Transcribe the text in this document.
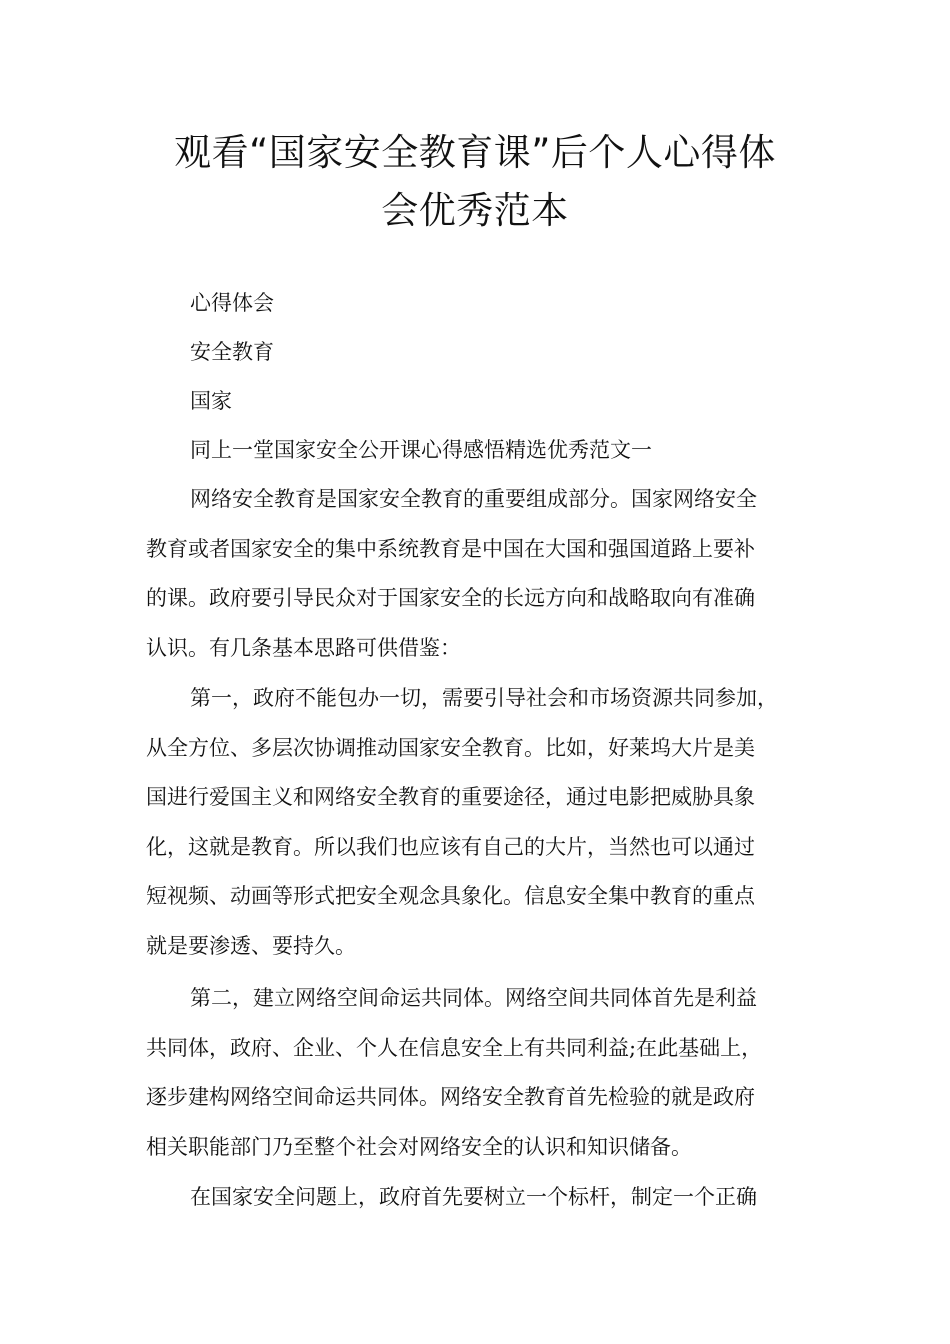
观看“国家安全教育课”后个人心得体
会优秀范本

心得体会

安全教育

国家

同上一堂国家安全公开课心得感悟精选优秀范文一

网络安全教育是国家安全教育的重要组成部分。国家网络安全
教育或者国家安全的集中系统教育是中国在大国和强国道路上要补
的课。政府要引导民众对于国家安全的长远方向和战略取向有准确
认识。有几条基本思路可供借鉴：
第一，政府不能包办一切，需要引导社会和市场资源共同参加，
从全方位、多层次协调推动国家安全教育。比如，好莱坞大片是美
国进行爱国主义和网络安全教育的重要途径，通过电影把威胁具象
化，这就是教育。所以我们也应该有自己的大片，当然也可以通过
短视频、动画等形式把安全观念具象化。信息安全集中教育的重点
就是要渗透、要持久。
第二，建立网络空间命运共同体。网络空间共同体首先是利益
共同体，政府、企业、个人在信息安全上有共同利益;在此基础上，
逐步建构网络空间命运共同体。网络安全教育首先检验的就是政府
相关职能部门乃至整个社会对网络安全的认识和知识储备。
在国家安全问题上，政府首先要树立一个标杆，制定一个正确
